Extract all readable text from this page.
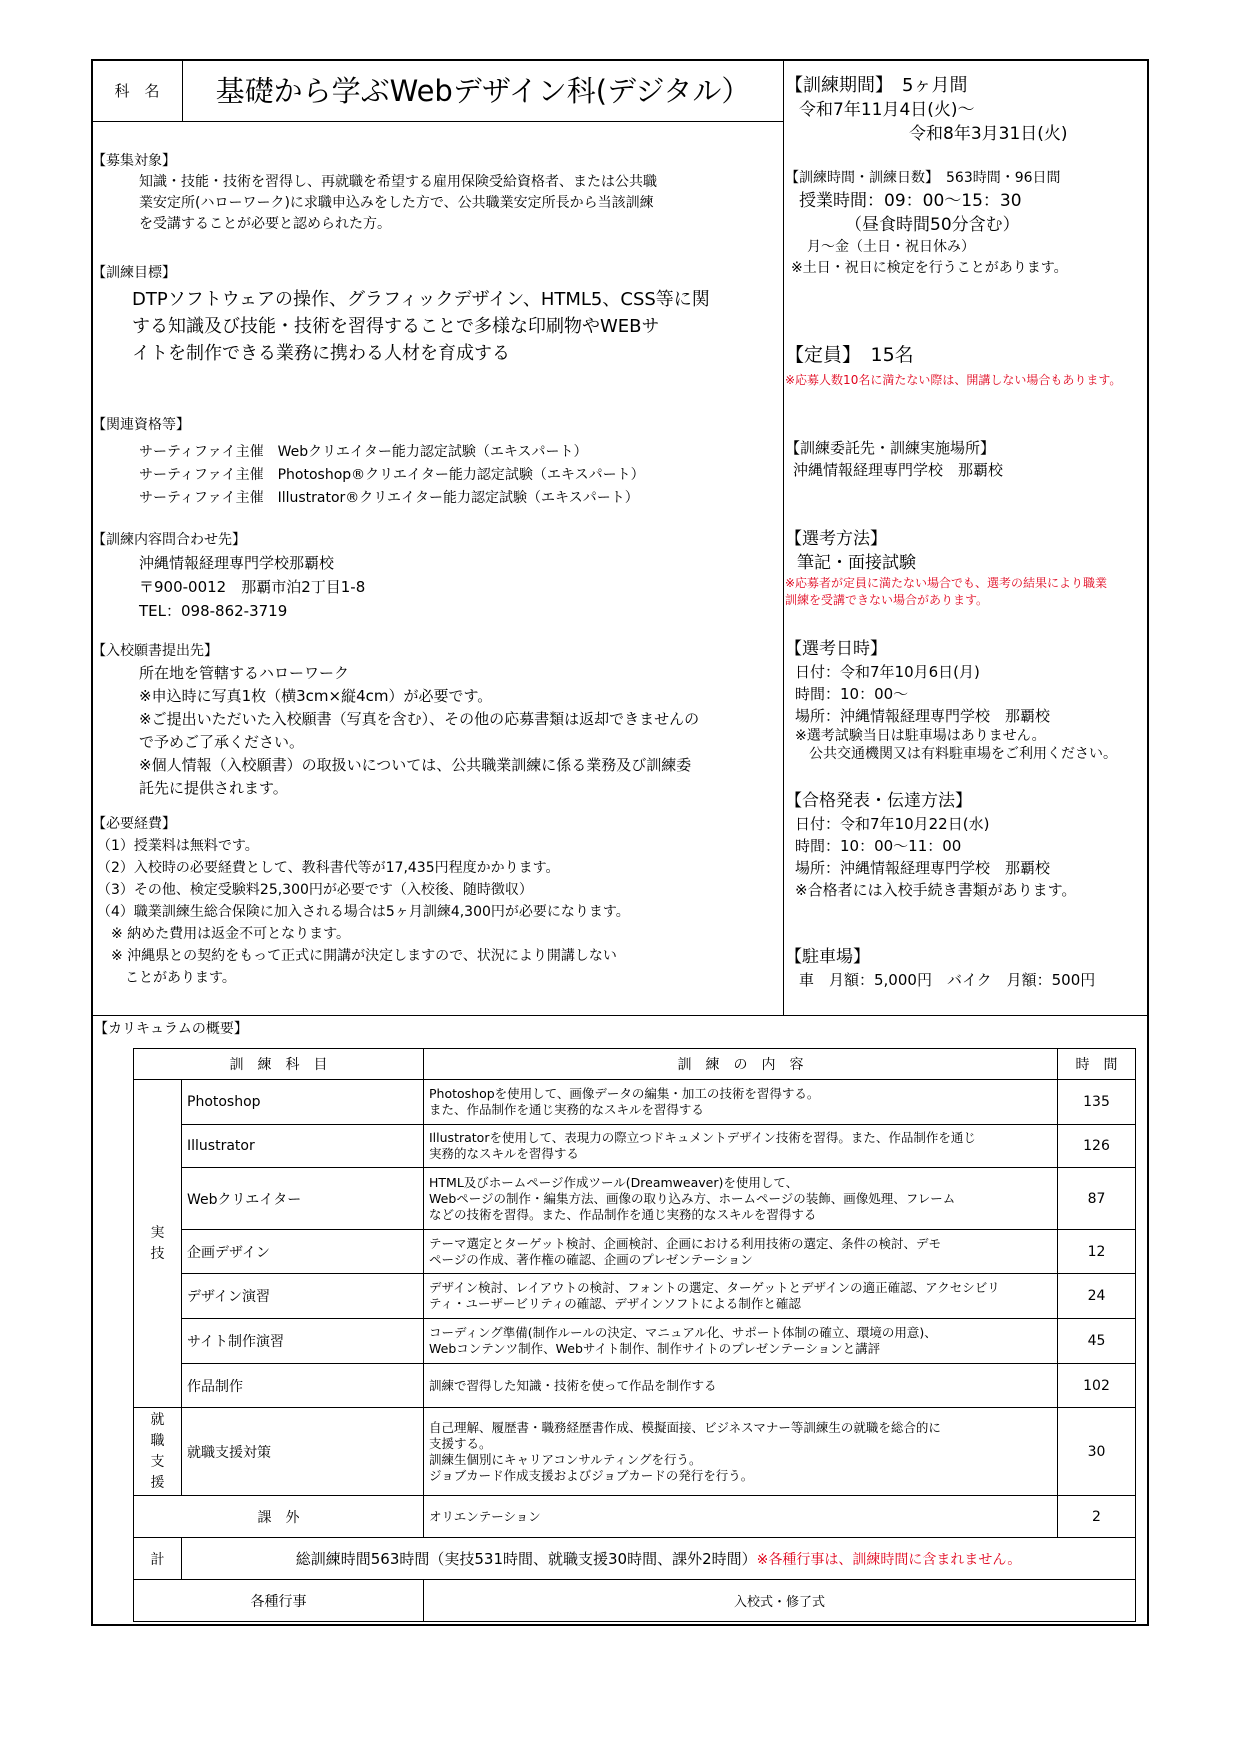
科　名	基礎から学ぶWebデザイン科(デジタル）
【募集対象】
知識・技能・技術を習得し、再就職を希望する雇用保険受給資格者、または公共職
業安定所(ハローワーク)に求職申込みをした方で、公共職業安定所長から当該訓練
を受講することが必要と認められた方。
【訓練目標】
DTPソフトウェアの操作、グラフィックデザイン、HTML5、CSS等に関
する知識及び技能・技術を習得することで多様な印刷物やWEBサ
イトを制作できる業務に携わる人材を育成する
【関連資格等】
サーティファイ主催　Webクリエイター能力認定試験（エキスパート）
サーティファイ主催　Photoshop®クリエイター能力認定試験（エキスパート）
サーティファイ主催　Illustrator®クリエイター能力認定試験（エキスパート）
【訓練内容問合わせ先】
沖縄情報経理専門学校那覇校
〒900-0012　那覇市泊2丁目1-8
TEL：098-862-3719
【入校願書提出先】
所在地を管轄するハローワーク
※申込時に写真1枚（横3cm×縦4cm）が必要です。
※ご提出いただいた入校願書（写真を含む）、その他の応募書類は返却できませんの
で予めご了承ください。
※個人情報（入校願書）の取扱いについては、公共職業訓練に係る業務及び訓練委
託先に提供されます。
【必要経費】
（1）授業料は無料です。
（2）入校時の必要経費として、教科書代等が17,435円程度かかります。
（3）その他、検定受験料25,300円が必要です（入校後、随時徴収）
（4）職業訓練生総合保険に加入される場合は5ヶ月訓練4,300円が必要になります。
　※ 納めた費用は返金不可となります。
　※ 沖縄県との契約をもって正式に開講が決定しますので、状況により開講しない
　　ことがあります。
【訓練期間】　5ヶ月間
令和7年11月4日(火)～
令和8年3月31日(火)
【訓練時間・訓練日数】　563時間・96日間
授業時間：09：00～15：30
（昼食時間50分含む）
月～金（土日・祝日休み）
※土日・祝日に検定を行うことがあります。
【定員】　15名
※応募人数10名に満たない際は、開講しない場合もあります。
【訓練委託先・訓練実施場所】
沖縄情報経理専門学校　那覇校
【選考方法】
筆記・面接試験
※応募者が定員に満たない場合でも、選考の結果により職業
訓練を受講できない場合があります。
【選考日時】
日付：令和7年10月6日(月)
時間：10：00～
場所：沖縄情報経理専門学校　那覇校
※選考試験当日は駐車場はありません。
公共交通機関又は有料駐車場をご利用ください。
【合格発表・伝達方法】
日付：令和7年10月22日(水)
時間：10：00～11：00
場所：沖縄情報経理専門学校　那覇校
※合格者には入校手続き書類があります。
【駐車場】
車　月額：5,000円　バイク　月額：500円
【カリキュラムの概要】
訓　練　科　目		訓　練　の　内　容	時　間
実技	Photoshop	Photoshopを使用して、画像データの編集・加工の技術を習得する。
また、作品制作を通じ実務的なスキルを習得する	135
	Illustrator	Illustratorを使用して、表現力の際立つドキュメントデザイン技術を習得。また、作品制作を通じ
実務的なスキルを習得する	126
	Webクリエイター	HTML及びホームページ作成ツール(Dreamweaver)を使用して、
Webページの制作・編集方法、画像の取り込み方、ホームページの装飾、画像処理、フレーム
などの技術を習得。また、作品制作を通じ実務的なスキルを習得する	87
	企画デザイン	テーマ選定とターゲット検討、企画検討、企画における利用技術の選定、条件の検討、デモ
ページの作成、著作権の確認、企画のプレゼンテーション	12
	デザイン演習	デザイン検討、レイアウトの検討、フォントの選定、ターゲットとデザインの適正確認、アクセシビリ
ティ・ユーザービリティの確認、デザインソフトによる制作と確認	24
	サイト制作演習	コーディング準備(制作ルールの決定、マニュアル化、サポート体制の確立、環境の用意)、
Webコンテンツ制作、Webサイト制作、制作サイトのプレゼンテーションと講評	45
	作品制作	訓練で習得した知識・技術を使って作品を制作する	102
就職支援	就職支援対策	自己理解、履歴書・職務経歴書作成、模擬面接、ビジネスマナー等訓練生の就職を総合的に
支援する。
訓練生個別にキャリアコンサルティングを行う。
ジョブカード作成支援およびジョブカードの発行を行う。	30
課　外		オリエンテーション	2
計	総訓練時間563時間（実技531時間、就職支援30時間、課外2時間）※各種行事は、訓練時間に含まれません。		
各種行事		入校式・修了式	
